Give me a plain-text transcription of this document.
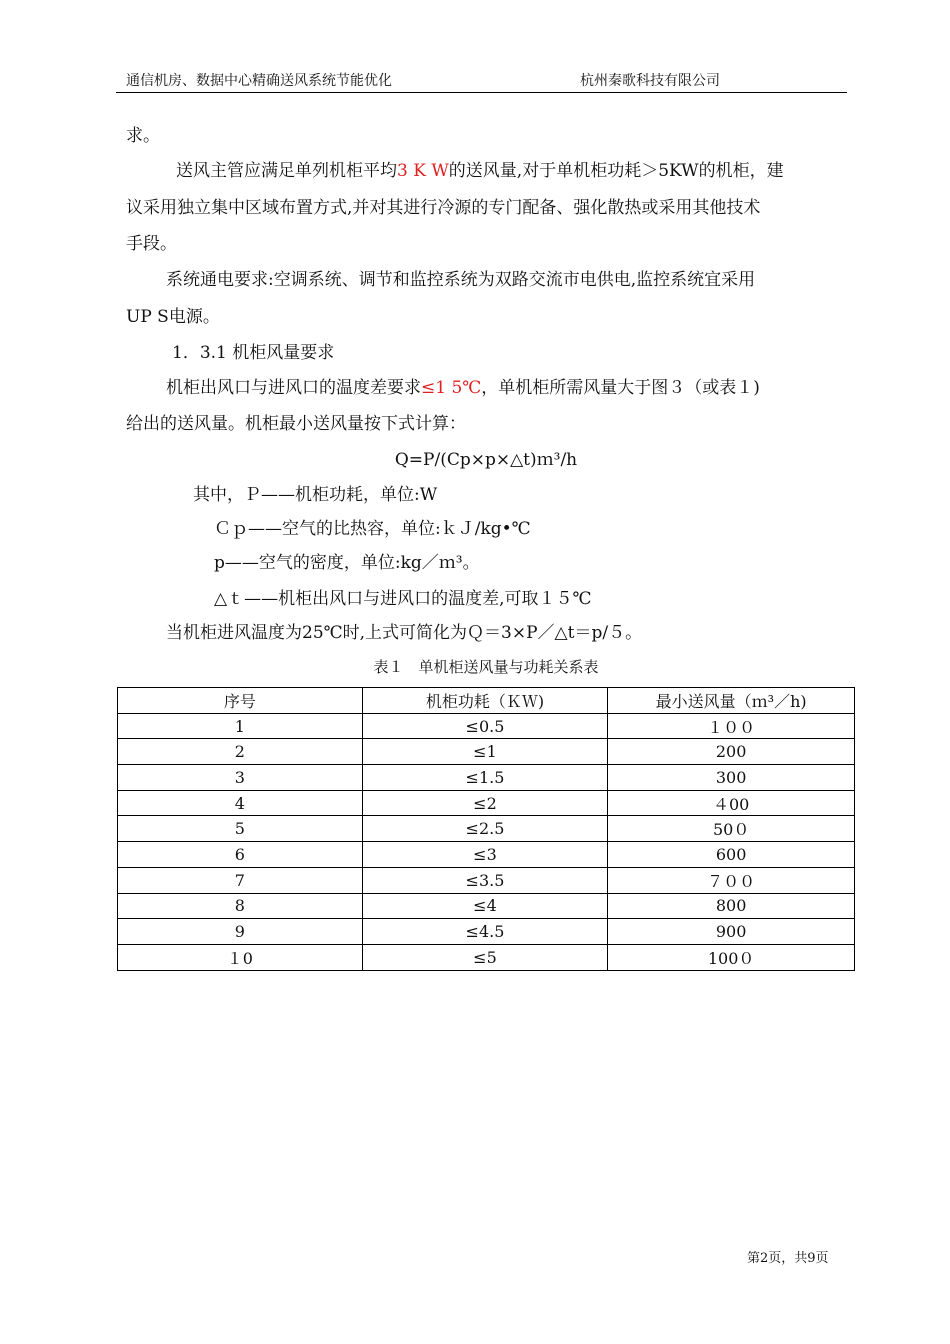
通信机房、数据中心精确送风系统节能优化	杭州秦歌科技有限公司
求。
送风主管应满足单列机柜平均3 K W的送风量,对于单机柜功耗＞5KW的机柜，建
议采用独立集中区域布置方式,并对其进行冷源的专门配备、强化散热或采用其他技术
手段。
系统通电要求:空调系统、调节和监控系统为双路交流市电供电,监控系统宜采用
UP S电源。
1．3.1 机柜风量要求
机柜出风口与进风口的温度差要求≤1 5℃，单机柜所需风量大于图３（或表１)
给出的送风量。机柜最小送风量按下式计算：
Q=P/(Cp×p×△t)ｍ³/h
其中，Ｐ——机柜功耗，单位:W
Ｃｐ——空气的比热容，单位:ｋＪ/kg•℃
p——空气的密度，单位:kg／ｍ³。
△ｔ——机柜出风口与进风口的温度差,可取１５℃
当机柜进风温度为25℃时,上式可简化为Ｑ＝3×P／△t＝p/５。
表１　单机柜送风量与功耗关系表
序号	机柜功耗（ＫＷ)	最小送风量（ｍ³／h)
1	≤0.5	１００
2	≤1	200
3	≤1.5	300
4	≤2	４00
5	≤2.5	50０
6	≤3	600
7	≤3.5	７００
8	≤4	800
9	≤4.5	900
１0	≤5	100０
第2页，共9页
